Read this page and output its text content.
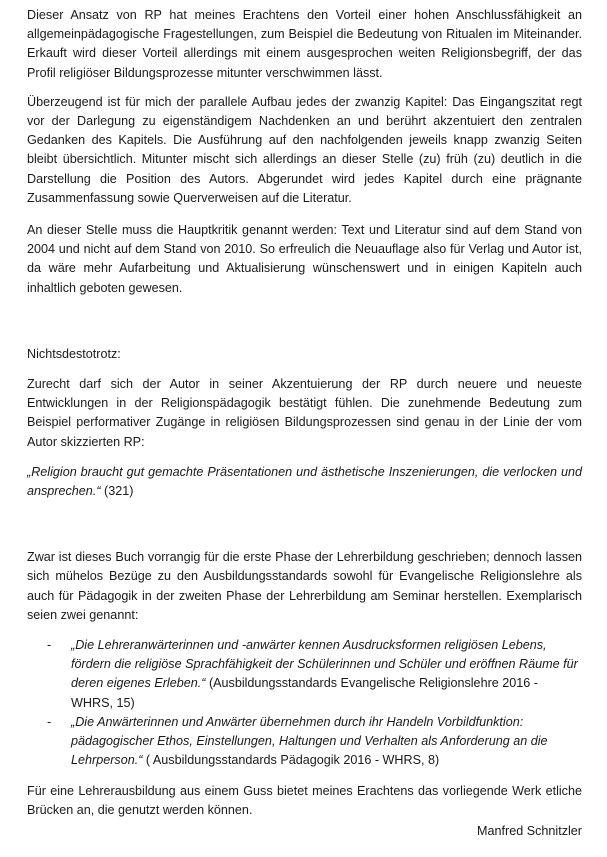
Dieser Ansatz von RP hat meines Erachtens den Vorteil einer hohen Anschlussfähigkeit an allgemeinpädagogische Fragestellungen, zum Beispiel die Bedeutung von Ritualen im Miteinander. Erkauft wird dieser Vorteil allerdings mit einem ausgesprochen weiten Religionsbegriff, der das Profil religiöser Bildungsprozesse mitunter verschwimmen lässt.

Überzeugend ist für mich der parallele Aufbau jedes der zwanzig Kapitel: Das Eingangszitat regt vor der Darlegung zu eigenständigem Nachdenken an und berührt akzentuiert den zentralen Gedanken des Kapitels. Die Ausführung auf den nachfolgenden jeweils knapp zwanzig Seiten bleibt übersichtlich. Mitunter mischt sich allerdings an dieser Stelle (zu) früh (zu) deutlich in die Darstellung die Position des Autors. Abgerundet wird jedes Kapitel durch eine prägnante Zusammenfassung sowie Querverweisen auf die Literatur.

An dieser Stelle muss die Hauptkritik genannt werden: Text und Literatur sind auf dem Stand von 2004 und nicht auf dem Stand von 2010. So erfreulich die Neuauflage also für Verlag und Autor ist, da wäre mehr Aufarbeitung und Aktualisierung wünschenswert und in einigen Kapiteln auch inhaltlich geboten gewesen.

Nichtsdestotrotz:

Zurecht darf sich der Autor in seiner Akzentuierung der RP durch neuere und neueste Entwicklungen in der Religionspädagogik bestätigt fühlen. Die zunehmende Bedeutung zum Beispiel performativer Zugänge in religiösen Bildungsprozessen sind genau in der Linie der vom Autor skizzierten RP:

„Religion braucht gut gemachte Präsentationen und ästhetische Inszenierungen, die verlocken und ansprechen.“ (321)

Zwar ist dieses Buch vorrangig für die erste Phase der Lehrerbildung geschrieben; dennoch lassen sich mühelos Bezüge zu den Ausbildungsstandards sowohl für Evangelische Religionslehre als auch für Pädagogik in der zweiten Phase der Lehrerbildung am Seminar herstellen. Exemplarisch seien zwei genannt:

- „Die Lehreranwärterinnen und -anwärter kennen Ausdrucksformen religiösen Lebens, fördern die religiöse Sprachfähigkeit der Schülerinnen und Schüler und eröffnen Räume für deren eigenes Erleben.“ (Ausbildungsstandards Evangelische Religionslehre 2016 - WHRS, 15)
- „Die Anwärterinnen und Anwärter übernehmen durch ihr Handeln Vorbildfunktion: pädagogischer Ethos, Einstellungen, Haltungen und Verhalten als Anforderung an die Lehrperson.“ ( Ausbildungsstandards Pädagogik 2016 - WHRS, 8)

Für eine Lehrerausbildung aus einem Guss bietet meines Erachtens das vorliegende Werk etliche Brücken an, die genutzt werden können.

Manfred Schnitzler
